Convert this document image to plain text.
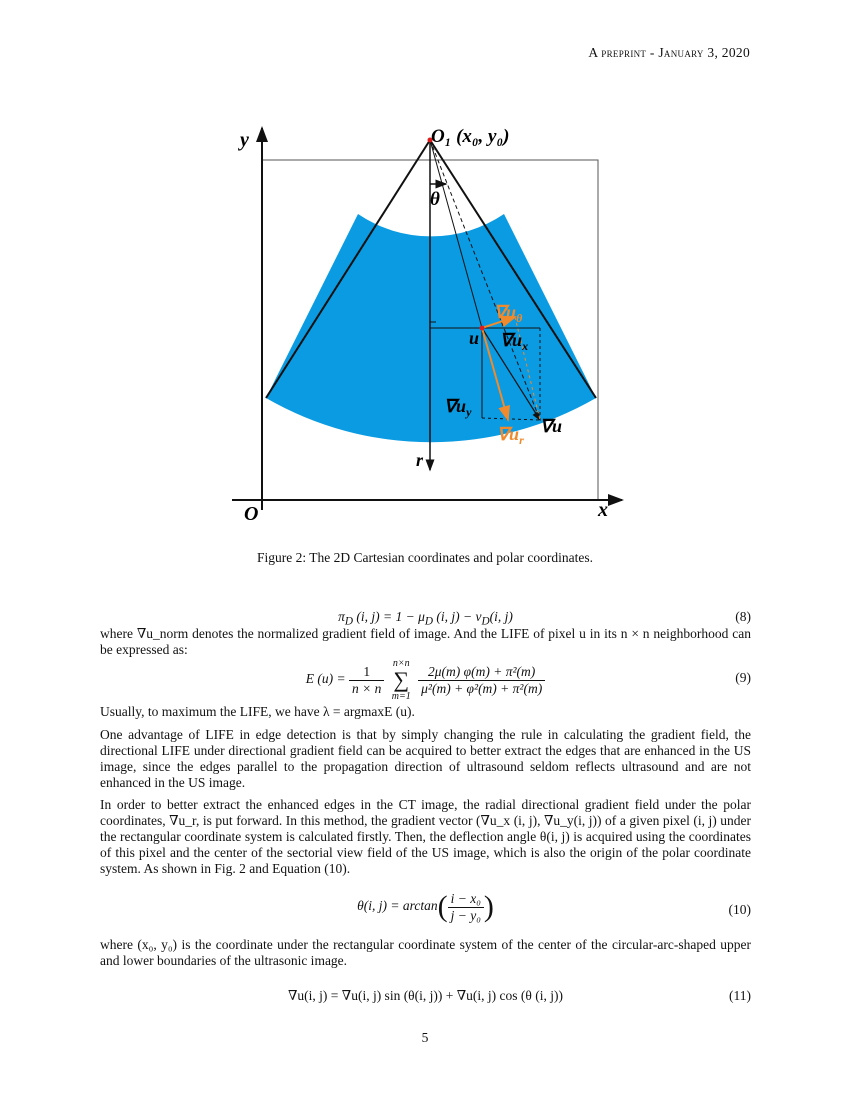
A preprint - January 3, 2020
y
x
O
O₁ (x₀, y₀)
θ
u
r
$\nabla u_\theta$
$\nabla u_x$
$\nabla u_y$
∇u
$\nabla u_r$
Figure 2: The 2D Cartesian coordinates and polar coordinates.
$\pi_D$ (i, $j) = 1 - \mu_D$ (i, $j) - \nu_D(i$, j)	(8)
where ∇u_norm denotes the normalized gradient field of image. And the LIFE of pixel u in its n × n neighborhood can be expressed as:
E $(u) = \frac{1}{n \times n} n\times n$
∑
$m=1 \frac{\text{2μ(m) φ(m) + π²(m)}}{\text{μ²(m) + φ²(m) + π²(m)}}$	(9)
Usually, to maximum the LIFE, we have λ = argmaxE (u).
One advantage of LIFE in edge detection is that by simply changing the rule in calculating the gradient field, the directional LIFE under directional gradient field can be acquired to better extract the edges that are enhanced in the US image, since the edges parallel to the propagation direction of ultrasound seldom reflects ultrasound and are not enhanced in the US image.
In order to better extract the enhanced edges in the CT image, the radial directional gradient field under the polar coordinates, ∇u_r, is put forward. In this method, the gradient vector (∇u_x (i, j), ∇u_y(i, j)) of a given pixel (i, j) under the rectangular coordinate system is calculated firstly. Then, the deflection angle θ(i, j) is acquired using the coordinates of this pixel and the center of the sectorial view field of the US image, which is also the origin of the polar coordinate system. As shown in Fig. 2 and Equation (10).
θ(i, $j) = \arctan( \frac{\text{i − x₀}}{\text{j − y₀}}$ )	(10)
where (x₀, y₀) is the coordinate under the rectangular coordinate system of the center of the circular-arc-shaped upper and lower boundaries of the ultrasonic image.
∇u(i, j) = ∇u(i, j) sin (θ(i, j)) + ∇u(i, j) cos (θ (i, j))	(11)
5
